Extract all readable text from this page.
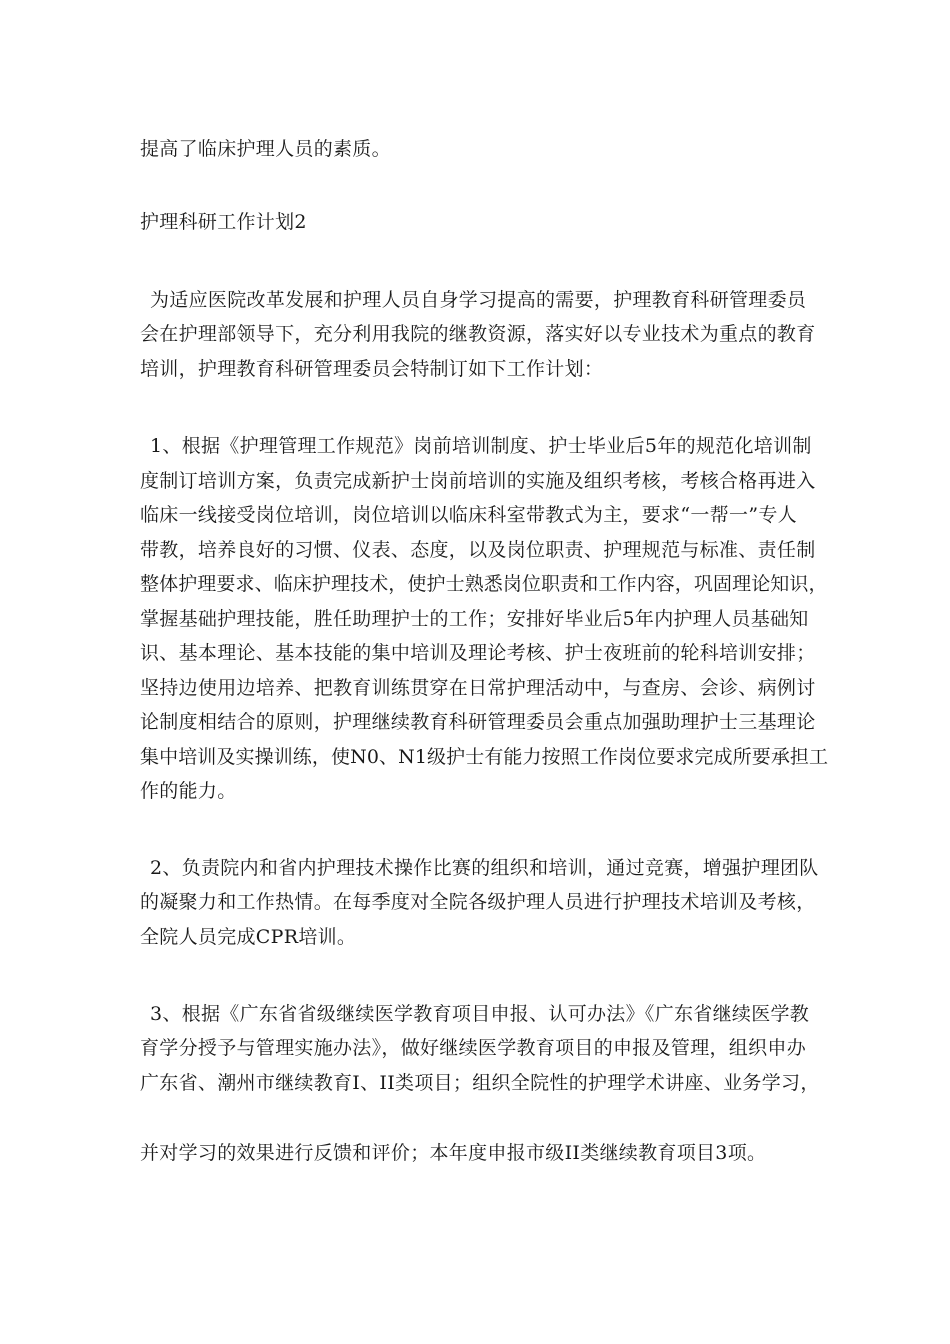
提高了临床护理人员的素质。
护理科研工作计划2
为适应医院改革发展和护理人员自身学习提高的需要，护理教育科研管理委员
会在护理部领导下，充分利用我院的继教资源，落实好以专业技术为重点的教育
培训，护理教育科研管理委员会特制订如下工作计划：
1、根据《护理管理工作规范》岗前培训制度、护士毕业后5年的规范化培训制
度制订培训方案，负责完成新护士岗前培训的实施及组织考核，考核合格再进入
临床一线接受岗位培训，岗位培训以临床科室带教式为主，要求“一帮一”专人
带教，培养良好的习惯、仪表、态度，以及岗位职责、护理规范与标准、责任制
整体护理要求、临床护理技术，使护士熟悉岗位职责和工作内容，巩固理论知识，
掌握基础护理技能，胜任助理护士的工作；安排好毕业后5年内护理人员基础知
识、基本理论、基本技能的集中培训及理论考核、护士夜班前的轮科培训安排；
坚持边使用边培养、把教育训练贯穿在日常护理活动中，与查房、会诊、病例讨
论制度相结合的原则，护理继续教育科研管理委员会重点加强助理护士三基理论
集中培训及实操训练，使N0、N1级护士有能力按照工作岗位要求完成所要承担工
作的能力。
2、负责院内和省内护理技术操作比赛的组织和培训，通过竞赛，增强护理团队
的凝聚力和工作热情。在每季度对全院各级护理人员进行护理技术培训及考核，
全院人员完成CPR培训。
3、根据《广东省省级继续医学教育项目申报、认可办法》《广东省继续医学教
育学分授予与管理实施办法》，做好继续医学教育项目的申报及管理，组织申办
广东省、潮州市继续教育I、II类项目；组织全院性的护理学术讲座、业务学习，
并对学习的效果进行反馈和评价；本年度申报市级II类继续教育项目3项。
